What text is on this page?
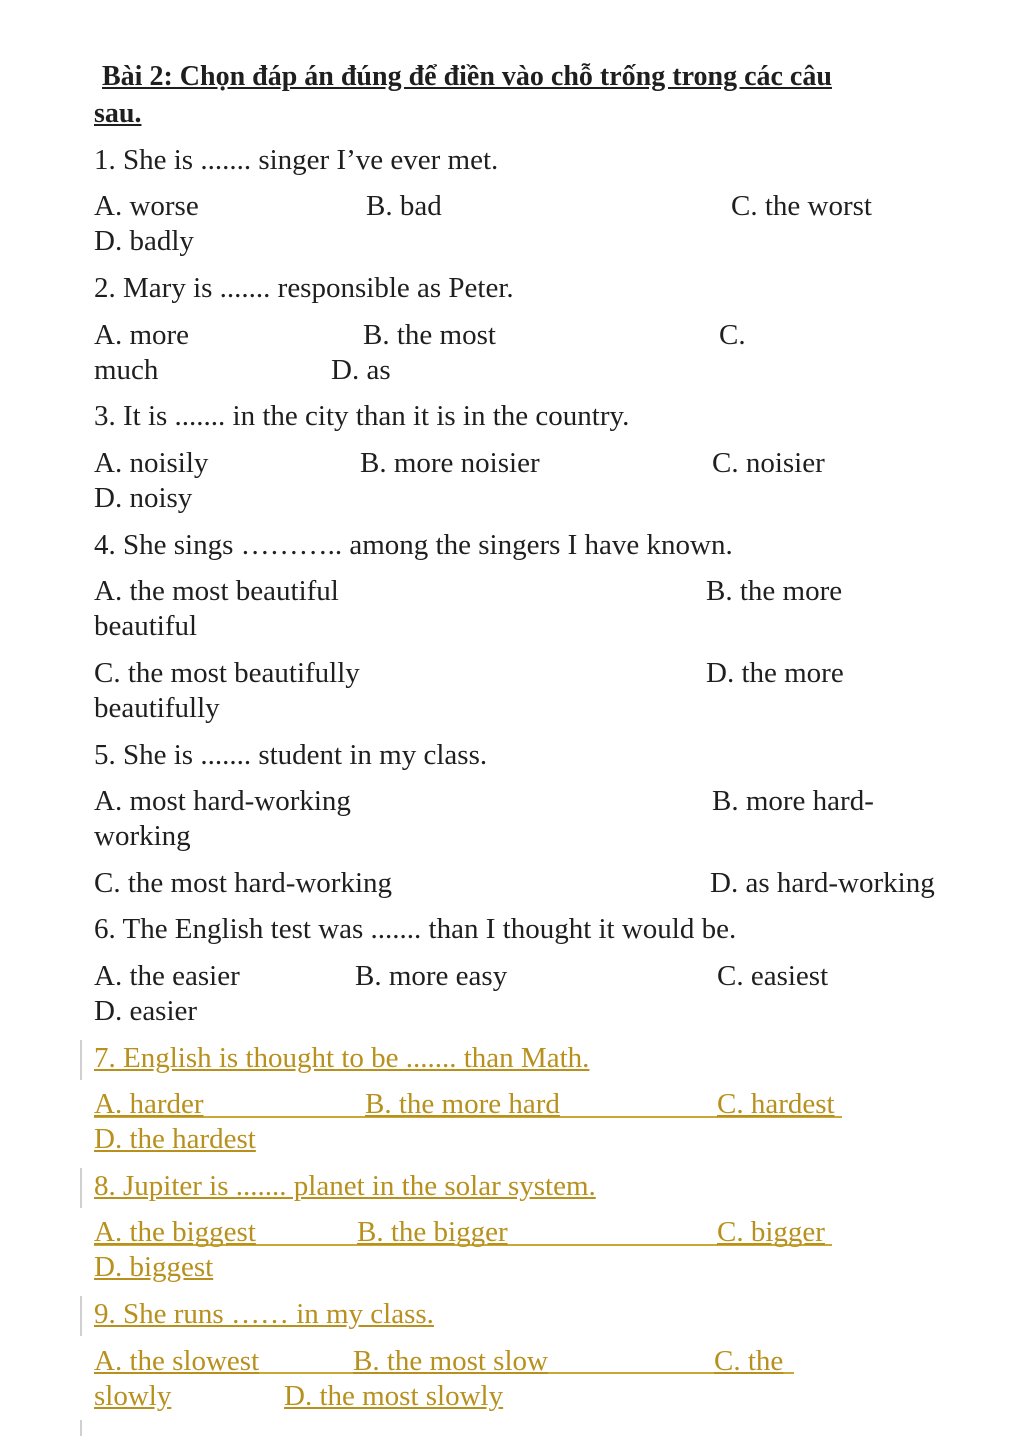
Bài 2: Chọn đáp án đúng để điền vào chỗ trống trong các câu
sau.
1. She is ....... singer I’ve ever met.
A. worse	B. bad	C. the worst
D. badly
2. Mary is ....... responsible as Peter.
A. more	B. the most	C.
much	D. as
3. It is ....... in the city than it is in the country.
A. noisily	B. more noisier	C. noisier
D. noisy
4. She sings ……….. among the singers I have known.
A. the most beautiful	B. the more
beautiful
C. the most beautifully	D. the more
beautifully
5. She is ....... student in my class.
A. most hard-working	B. more hard-
working
C. the most hard-working	D. as hard-working
6. The English test was ....... than I thought it would be.
A. the easier	B. more easy	C. easiest
D. easier
7. English is thought to be ....... than Math.
A. harder	B. the more hard	C. hardest
D. the hardest
8. Jupiter is ....... planet in the solar system.
A. the biggest	B. the bigger	C. bigger
D. biggest
9. She runs …… in my class.
A. the slowest	B. the most slow	C. the
slowly	D. the most slowly
